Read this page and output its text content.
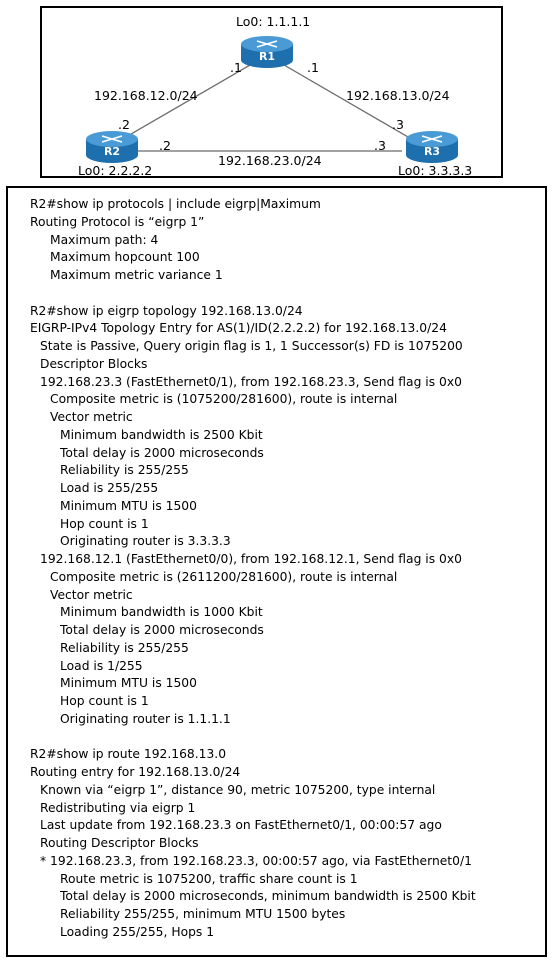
R1
R2	R3
Lo0: 1.1.1.1
Lo0: 2.2.2.2	Lo0: 3.3.3.3
192.168.12.0/24	192.168.13.0/24
192.168.23.0/24
.1
.2
.1
.3
.2	.3
R2#show ip protocols | include eigrp|Maximum
Routing Protocol is “eigrp 1”
Maximum path: 4
Maximum hopcount 100
Maximum metric variance 1
R2#show ip eigrp topology 192.168.13.0/24
EIGRP-IPv4 Topology Entry for AS(1)/ID(2.2.2.2) for 192.168.13.0/24
State is Passive, Query origin flag is 1, 1 Successor(s) FD is 1075200
Descriptor Blocks
192.168.23.3 (FastEthernet0/1), from 192.168.23.3, Send flag is 0x0
Composite metric is (1075200/281600), route is internal
Vector metric
Minimum bandwidth is 2500 Kbit
Total delay is 2000 microseconds
Reliability is 255/255
Load is 255/255
Minimum MTU is 1500
Hop count is 1
Originating router is 3.3.3.3
192.168.12.1 (FastEthernet0/0), from 192.168.12.1, Send flag is 0x0
Composite metric is (2611200/281600), route is internal
Vector metric
Minimum bandwidth is 1000 Kbit
Total delay is 2000 microseconds
Reliability is 255/255
Load is 1/255
Minimum MTU is 1500
Hop count is 1
Originating router is 1.1.1.1
R2#show ip route 192.168.13.0
Routing entry for 192.168.13.0/24
Known via “eigrp 1”, distance 90, metric 1075200, type internal
Redistributing via eigrp 1
Last update from 192.168.23.3 on FastEthernet0/1, 00:00:57 ago
Routing Descriptor Blocks
* 192.168.23.3, from 192.168.23.3, 00:00:57 ago, via FastEthernet0/1
Route metric is 1075200, traffic share count is 1
Total delay is 2000 microseconds, minimum bandwidth is 2500 Kbit
Reliability 255/255, minimum MTU 1500 bytes
Loading 255/255, Hops 1
